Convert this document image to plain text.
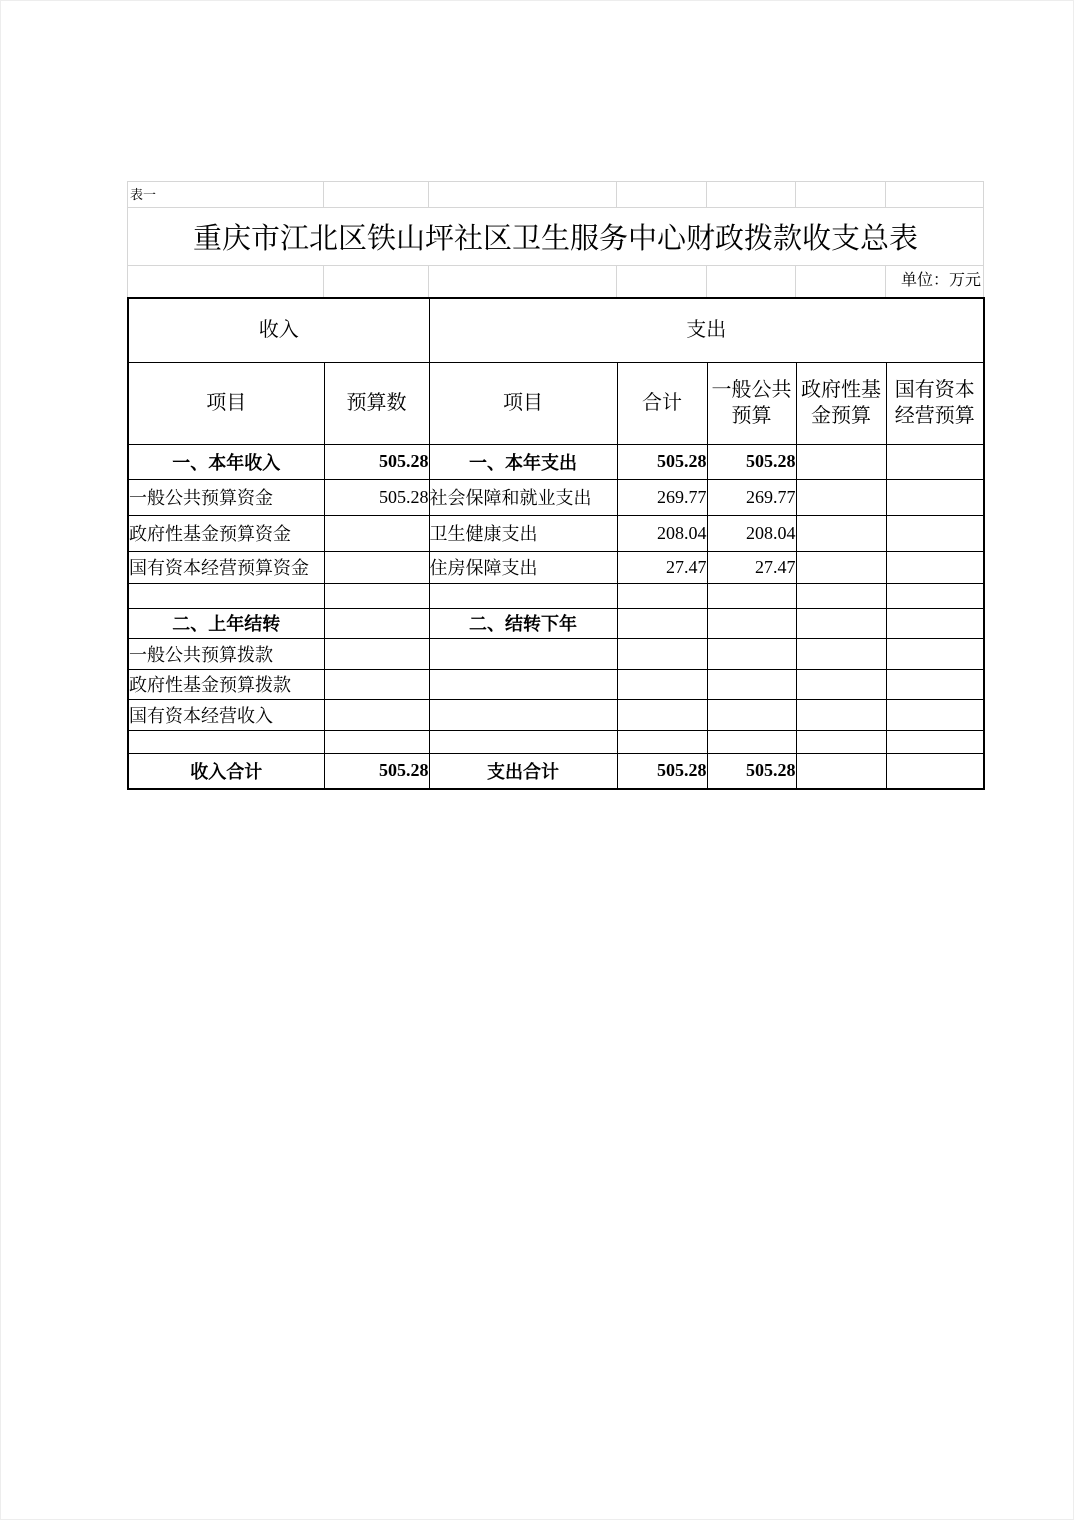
表一
重庆市江北区铁山坪社区卫生服务中心财政拨款收支总表
单位：万元
收入		支出				
项目	预算数	项目	合计	一般公共预算	政府性基金预算	国有资本经营预算
一、本年收入	505.28	一、本年支出	505.28	505.28		
一般公共预算资金	505.28	社会保障和就业支出	269.77	269.77		
政府性基金预算资金		卫生健康支出	208.04	208.04		
国有资本经营预算资金		住房保障支出	27.47	27.47		

二、上年结转		二、结转下年				
一般公共预算拨款						
政府性基金预算拨款						
国有资本经营收入						

收入合计	505.28	支出合计	505.28	505.28		
